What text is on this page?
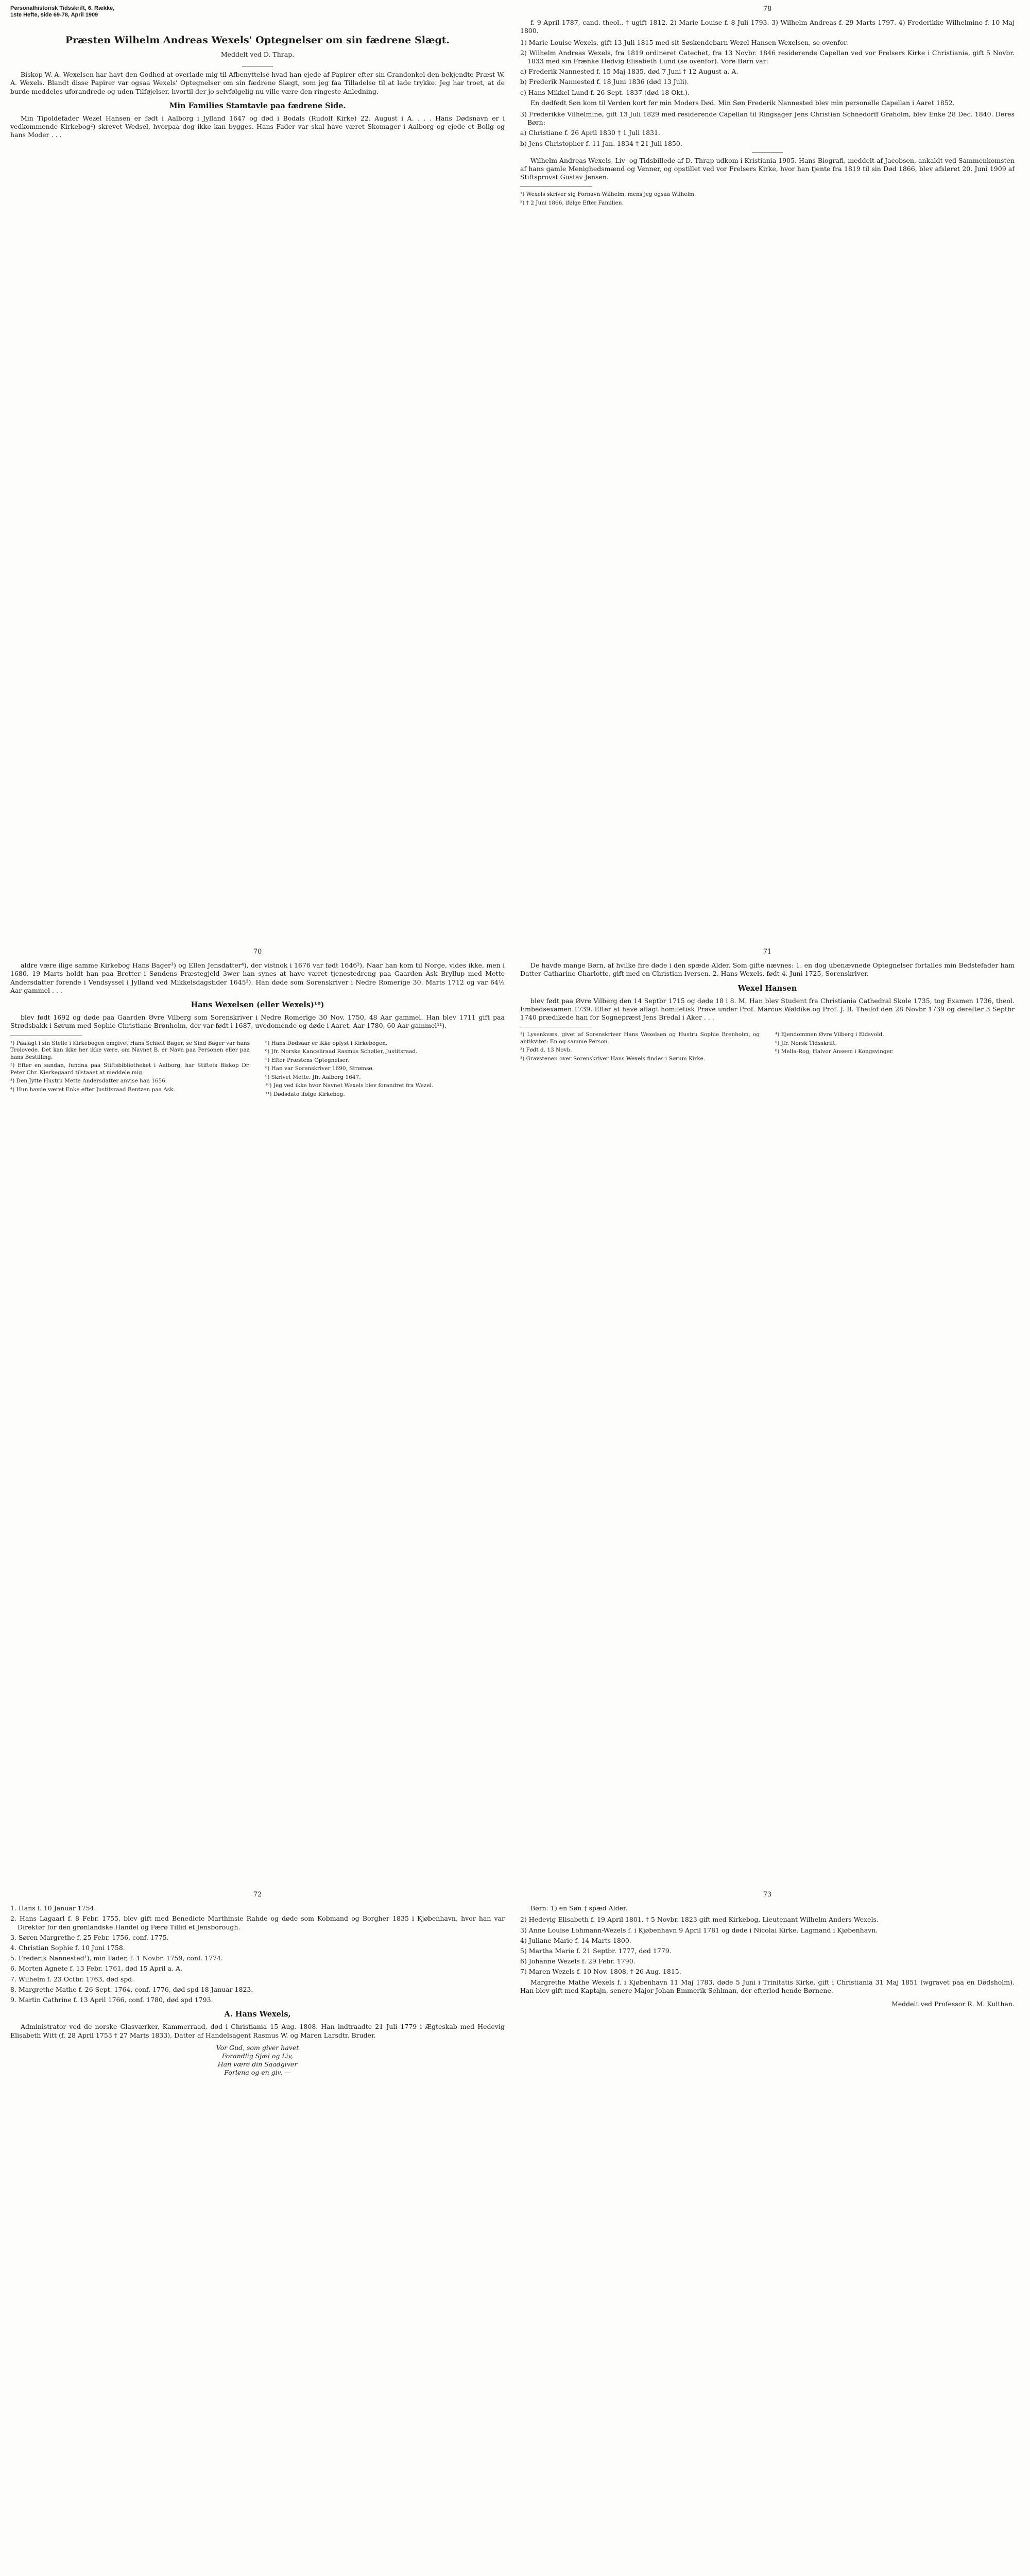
Personalhistorisk Tidsskrift, 6. Række,
1ste Hefte, side 69-78, April 1909
Præsten Wilhelm Andreas Wexels' Optegnelser om sin fædrene Slægt.
Meddelt ved D. Thrap.

Biskop W. A. Wexelsen har havt den Godhed at overlade mig til Afbenyttelse hvad han ejede af Papirer efter sin Grandonkel den bekjendte Præst W. A. Wexels. Blandt disse Papirer var ogsaa Wexels' Optegnelser om sin fædrene Slægt, som jeg faa Tilladelse til at lade trykke. Jeg har troet, at de burde meddeles uforandrede og uden Tilføjelser, hvortil der jo selvfølgelig nu ville være den ringeste Anledning.

Min Families Stamtavle paa fædrene Side.

Min Tipoldefader Wezel Hansen er født i Aalborg i Jylland 1647 og død i Bodals (Rudolf Kirke) 22. August i A. . . . Hans Dødsnavn er i vedkommende Kirkebog²) skrevet Wedsel, hvorpaa dog ikke kan bygges. Hans Fader var skal have været Skomager i Aalborg og ejede et Bolig og hans Moder . . .

78

f. 9 April 1787, cand. theol., † ugift 1812. 2) Marie Louise f. 8 Juli 1793. 3) Wilhelm Andreas f. 29 Marts 1797. 4) Frederikke Wilhelmine f. 10 Maj 1800.

1) Marie Louise Wexels, gift 13 Juli 1815 med sit Søskendebarn Wezel Hansen Wexelsen, se ovenfor.

2) Wilhelm Andreas Wexels, fra 1819 ordineret Catechet, fra 13 Novbr. 1846 residerende Capellan ved vor Frelsers Kirke i Christiania, gift 5 Novbr. 1833 med sin Frænke Hedvig Elisabeth Lund (se ovenfor). Vore Børn var:

a) Frederik Nannested f. 15 Maj 1835, død 7 Juni † 12 August a. A.

b) Frederik Nannested f. 18 Juni 1836 (død 13 Juli).

c) Hans Mikkel Lund f. 26 Sept. 1837 (død 18 Okt.).

En dødfødt Søn kom til Verden kort før min Moders Død. Min Søn Frederik Nannested blev min personelle Capellan i Aaret 1852.

3) Frederikke Vilhelmine, gift 13 Juli 1829 med residerende Capellan til Ringsager Jens Christian Schnedorff Grøholm, blev Enke 28 Dec. 1840. Deres Børn:

a) Christiane f. 26 April 1830 † 1 Juli 1831.

b) Jens Christopher f. 11 Jan. 1834 † 21 Juli 1850.

Wilhelm Andreas Wexels, Liv- og Tidsbillede af D. Thrap udkom i Kristiania 1905. Hans Biografi, meddelt af Jacobsen, ankaldt ved Sammenkomsten af hans gamle Menighedsmænd og Venner, og opstillet ved vor Frelsers Kirke, hvor han tjente fra 1819 til sin Død 1866, blev afsløret 20. Juni 1909 af Stiftsprovst Gustav Jensen.

¹) Wexels skriver sig Fornavn Wilhelm, mens jeg ogsaa Wilhelm.

²) † 2 Juni 1866, ifølge Efter Familien.

70

aldre være ilige samme Kirkebog Hans Bager³) og Ellen Jensdatter⁴), der vistnok i 1676 var født 1646³). Naar han kom til Norge, vides ikke, men i 1680, 19 Marts holdt han paa Bretter i Søndens Præstegjeld 3wer han synes at have været tjenestedreng paa Gaarden Ask Bryllup med Mette Andersdatter forende i Vendsyssel i Jylland ved Mikkelsdagstider 1645³). Han døde som Sorenskriver i Nedre Romerige 30. Marts 1712 og var 64½ Aar gammel . . .

Hans Wexelsen (eller Wexels)¹⁰)

blev født 1692 og døde paa Gaarden Øvre Vilberg som Sorenskriver i Nedre Romerige 30 Nov. 1750, 48 Aar gammel. Han blev 1711 gift paa Strødsbakk i Sørum med Sophie Christiane Brønholm, der var født i 1687, uvedomende og døde i Aaret. Aar 1780, 60 Aar gammel¹¹).

¹) Paalagt i sin Stelle i Kirkebogen omgivet Hans Schielt Bager, se Sind Bager var hans Trolovede. Det kan ikke her ikke være, om Navnet B. er Navn paa Personen eller paa hans Bestilling.

²) Efter en sandan, fundna paa Stiftsbibliotheket i Aalborg, har Stiftets Biskop Dr. Peter Chr. Kierkegaard tilstaaet at meddele mig.

³) Den Jytte Hustru Mette Andersdatter anvise han 1656.

⁴) Hun havde været Enke efter Justitsraad Bentzen paa Ask.

⁵) Hans Dødsaar er ikke oplyst i Kirkebogen.

⁶) Jfr. Norske Kanceliraad Rasmus Schøller, Justitsraad.

⁷) Efter Præstens Optegnelser.

⁸) Han var Sorenskriver 1690, Strømsø.

⁹) Skrivet Mette. Jfr. Aalborg 1647.

¹⁰) Jeg ved ikke hvor Navnet Wexels blev forandret fra Wezel.

¹¹) Dødsdato ifølge Kirkebog.

71

De havde mange Børn, af hvilke fire døde i den spæde Alder. Som gifte nævnes: 1. en dog ubenævnede Optegnelser fortalles min Bedstefader ham Datter Catharine Charlotte, gift med en Christian Iversen. 2. Hans Wexels, født 4. Juni 1725, Sorenskriver.

Wexel Hansen

blev født paa Øvre Vilberg den 14 Septbr 1715 og døde 18 i 8. M. Han blev Student fra Christiania Cathedral Skole 1735, tog Examen 1736, theol. Embedsexamen 1739. Efter at have aflagt homiletisk Prøve under Prof. Marcus Wøldike og Prof. J. B. Theilof den 28 Novbr 1739 og derefter 3 Septbr 1740 prædikede han for Sognepræst Jens Bredal i Aker . . .

¹) Lysenkvæs, givet af Sorenskriver Hans Wexelsen og Hustru Sophie Brenholm, og antikvitet: En og samme Person.

²) Født d. 13 Novb.

³) Gravstenen over Sorenskriver Hans Wexels findes i Sørum Kirke.

⁴) Ejendommen Øvre Vilberg i Eidsvold.

⁵) Jfr. Norsk Tidsskrift.

⁶) Mella-Rog, Halvor Anseen i Kongsvinger.

72

1. Hans f. 10 Januar 1754.

2. Hans Lagaarl f. 8 Febr. 1755, blev gift med Benedicte Marthinsie Rahde og døde som Kobmand og Borgher 1835 i Kjøbenhavn, hvor han var Direktør for den grønlandske Handel og Færø Tillid et Jensborough.

3. Søren Margrethe f. 25 Febr. 1756, conf. 1775.

4. Christian Sophie f. 10 Juni 1758.

5. Frederik Nannested¹), min Fader, f. 1 Novbr. 1759, conf. 1774.

6. Morten Agnete f. 13 Febr. 1761, død 15 April a. A.

7. Wilhelm f. 23 Octbr. 1763, død spd.

8. Margrethe Mathe f. 26 Sept. 1764, conf. 1776, død spd 18 Januar 1823.

9. Martin Cathrine f. 13 April 1766, conf. 1780, død spd 1793.

A. Hans Wexels,

Administrator ved de norske Glasværker, Kammerraad, død i Christiania 15 Aug. 1808. Han indtraadte 21 Juli 1779 i Ægteskab med Hedevig Elisabeth Witt (f. 28 April 1753 † 27 Marts 1833), Datter af Handelsagent Rasmus W. og Maren Larsdtr. Bruder.

Vor Gud, som giver havet
Forandlig Sjæl og Liv,
Han være din Saadgiver
Forlena og en giv. —
73

Børn: 1) en Søn † spæd Alder.

2) Hedevig Elisabeth f. 19 April 1801, † 5 Novbr. 1823 gift med Kirkebog, Lieutenant Wilhelm Anders Wexels.

3) Anne Louise Lohmann-Wezels f. i Kjøbenhavn 9 April 1781 og døde i Nicolai Kirke. Lagmand i Kjøbenhavn.

4) Juliane Marie f. 14 Marts 1800.

5) Martha Marie f. 21 Septbr. 1777, død 1779.

6) Johanne Wezels f. 29 Febr. 1790.

7) Maren Wezels f. 10 Nov. 1808, † 26 Aug. 1815.

Margrethe Mathe Wexels f. i Kjøbenhavn 11 Maj 1783, døde 5 Juni i Trinitatis Kirke, gift i Christiania 31 Maj 1851 (wgravet paa en Dødsholm). Han blev gift med Kaptajn, senere Major Johan Emmerik Sehlman, der efterlod hende Børnene.

Meddelt ved Professor R. M. Kulthan.
